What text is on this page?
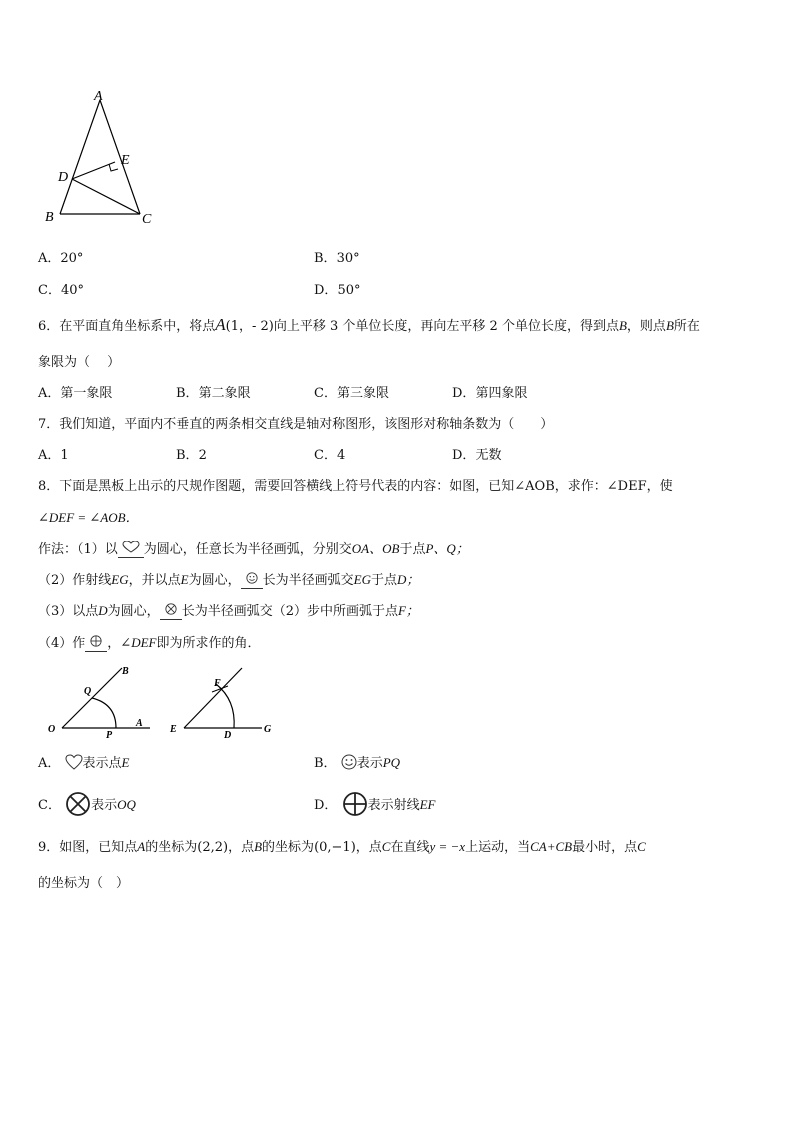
A
E
D
B	C
A．20°	B．30°
C．40°	D．50°
6．在平面直角坐标系中，将点A(1，- 2)向上平移 3 个单位长度，再向左平移 2 个单位长度，得到点B，则点B所在
象限为（　 ）
A．第一象限	B．第二象限	C．第三象限	D．第四象限
7．我们知道，平面内不垂直的两条相交直线是轴对称图形，该图形对称轴条数为（　　）
A．1	B．2	C．4	D．无数
8．下面是黑板上出示的尺规作图题，需要回答横线上符号代表的内容：如图，已知∠AOB，求作：∠DEF，使
∠DEF = ∠AOB．
作法：（1）以 为圆心，任意长为半径画弧，分别交OA、OB于点P、Q；
（2）作射线EG，并以点E为圆心， 长为半径画弧交EG于点D；
（3）以点D为圆心， 长为半径画弧交（2）步中所画弧于点F；
（4）作 ，∠DEF即为所求作的角．
O
A
B
Q
P
E
D
G
F
A． 表示点E	B． 表示PQ
C． 表示OQ	D． 表示射线EF
9．如图，已知点A的坐标为(2,2)，点B的坐标为(0,−1)，点C在直线y = −x上运动，当CA+CB最小时，点C
的坐标为（　）
